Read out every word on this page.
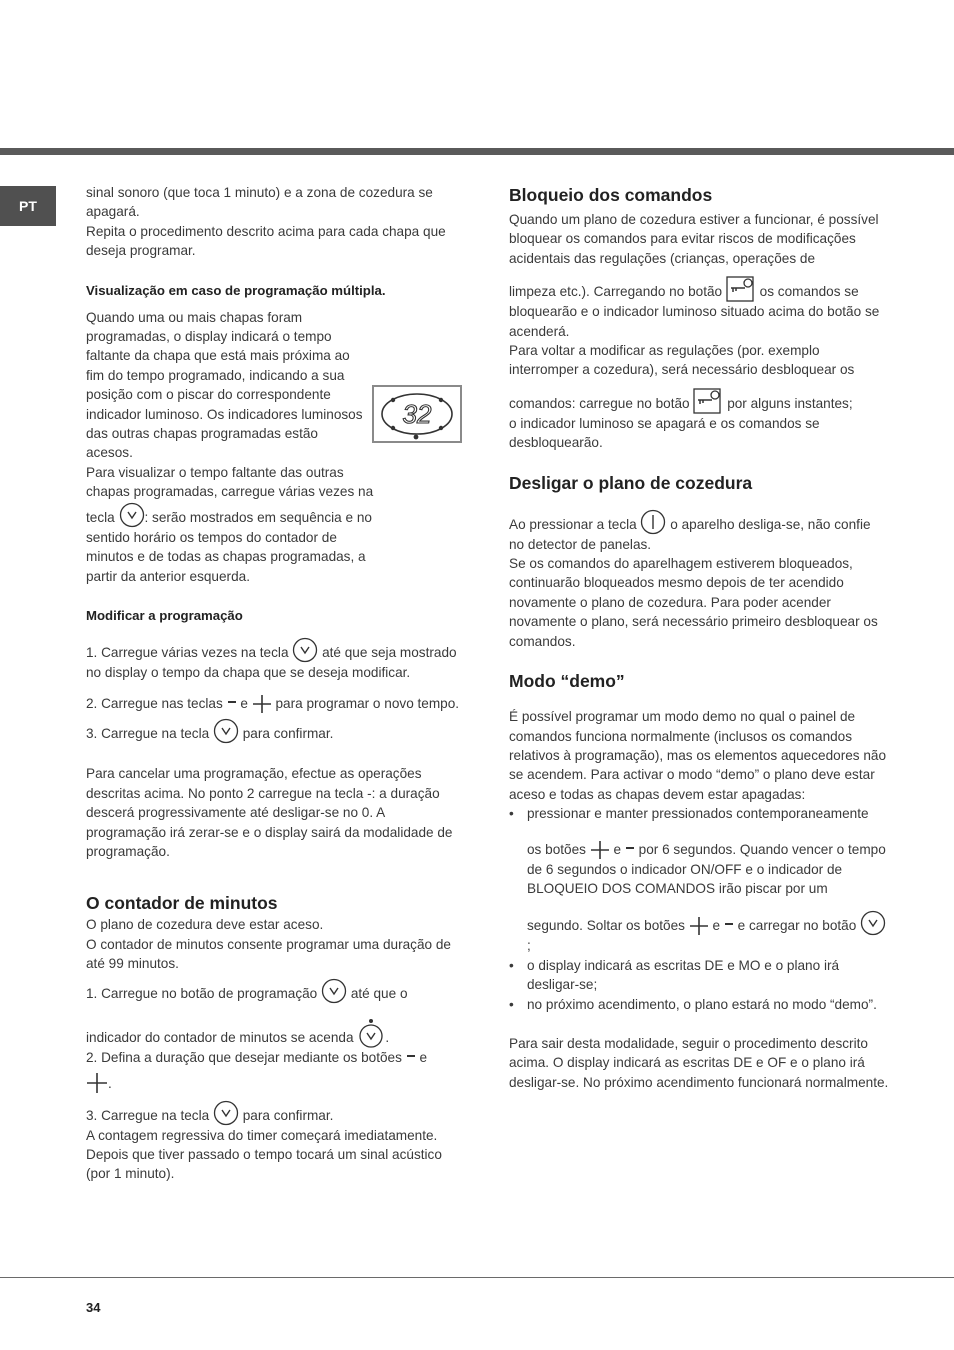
PT

sinal sonoro (que toca 1 minuto) e a zona de cozedura se apagará.

Repita o procedimento descrito acima para cada chapa que deseja programar.

Visualização em caso de programação múltipla.

Quando uma ou mais chapas foram programadas, o display indicará o tempo faltante da chapa que está mais próxima ao fim do tempo programado, indicando a sua posição com o piscar do correspondente indicador luminoso. Os indicadores luminosos das outras chapas programadas estão acesos.

Para visualizar o tempo faltante das outras chapas programadas, carregue várias vezes na tecla : serão mostrados em sequência e no sentido horário os tempos do contador de minutos e de todas as chapas programadas, a partir da anterior esquerda.

Modificar a programação

1. Carregue várias vezes na tecla até que seja mostrado no display o tempo da chapa que se deseja modificar.

2. Carregue nas teclas e para programar o novo tempo.

3. Carregue na tecla para confirmar.

Para cancelar uma programação, efectue as operações descritas acima. No ponto 2 carregue na tecla -: a duração descerá progressivamente até desligar-se no 0. A programação irá zerar-se e o display sairá da modalidade de programação.

O contador de minutos

O plano de cozedura deve estar aceso.

O contador de minutos consente programar uma duração de até 99 minutos.

1. Carregue no botão de programação até que o

indicador do contador de minutos se acenda .

2. Defina a duração que desejar mediante os botões e

.

3. Carregue na tecla para confirmar.

A contagem regressiva do timer começará imediatamente.

Depois que tiver passado o tempo tocará um sinal acústico (por 1 minuto).

32
Bloqueio dos comandos

Quando um plano de cozedura estiver a funcionar, é possível bloquear os comandos para evitar riscos de modificações acidentais das regulações (crianças, operações de

limpeza etc.). Carregando no botão	os comandos se bloquearão e o indicador luminoso situado acima do botão se acenderá.

Para voltar a modificar as regulações (por. exemplo interromper a cozedura), será necessário desbloquear os

comandos: carregue no botão	por alguns instantes;

o indicador luminoso se apagará e os comandos se desbloquearão.

Desligar o plano de cozedura

Ao pressionar a tecla o aparelho desliga-se, não confie no detector de panelas.

Se os comandos do aparelhagem estiverem bloqueados, continuarão bloqueados mesmo depois de ter acendido novamente o plano de cozedura. Para poder acender novamente o plano, será necessário primeiro desbloquear os comandos.

Modo “demo”

É possível programar um modo demo no qual o painel de comandos funciona normalmente (inclusos os comandos relativos à programação), mas os elementos aquecedores não se acendem. Para activar o modo “demo” o plano deve estar aceso e todas as chapas devem estar apagadas:

• pressionar e manter pressionados contemporaneamente

os botões e por 6 segundos. Quando vencer o tempo de 6 segundos o indicador ON/OFF e o indicador de BLOQUEIO DOS COMANDOS irão piscar por um

segundo. Soltar os botões e e carregar no botão
;

• o display indicará as escritas DE e MO e o plano irá desligar-se;

• no próximo acendimento, o plano estará no modo “demo”.

Para sair desta modalidade, seguir o procedimento descrito acima. O display indicará as escritas DE e OF e o plano irá desligar-se. No próximo acendimento funcionará normalmente.

34
